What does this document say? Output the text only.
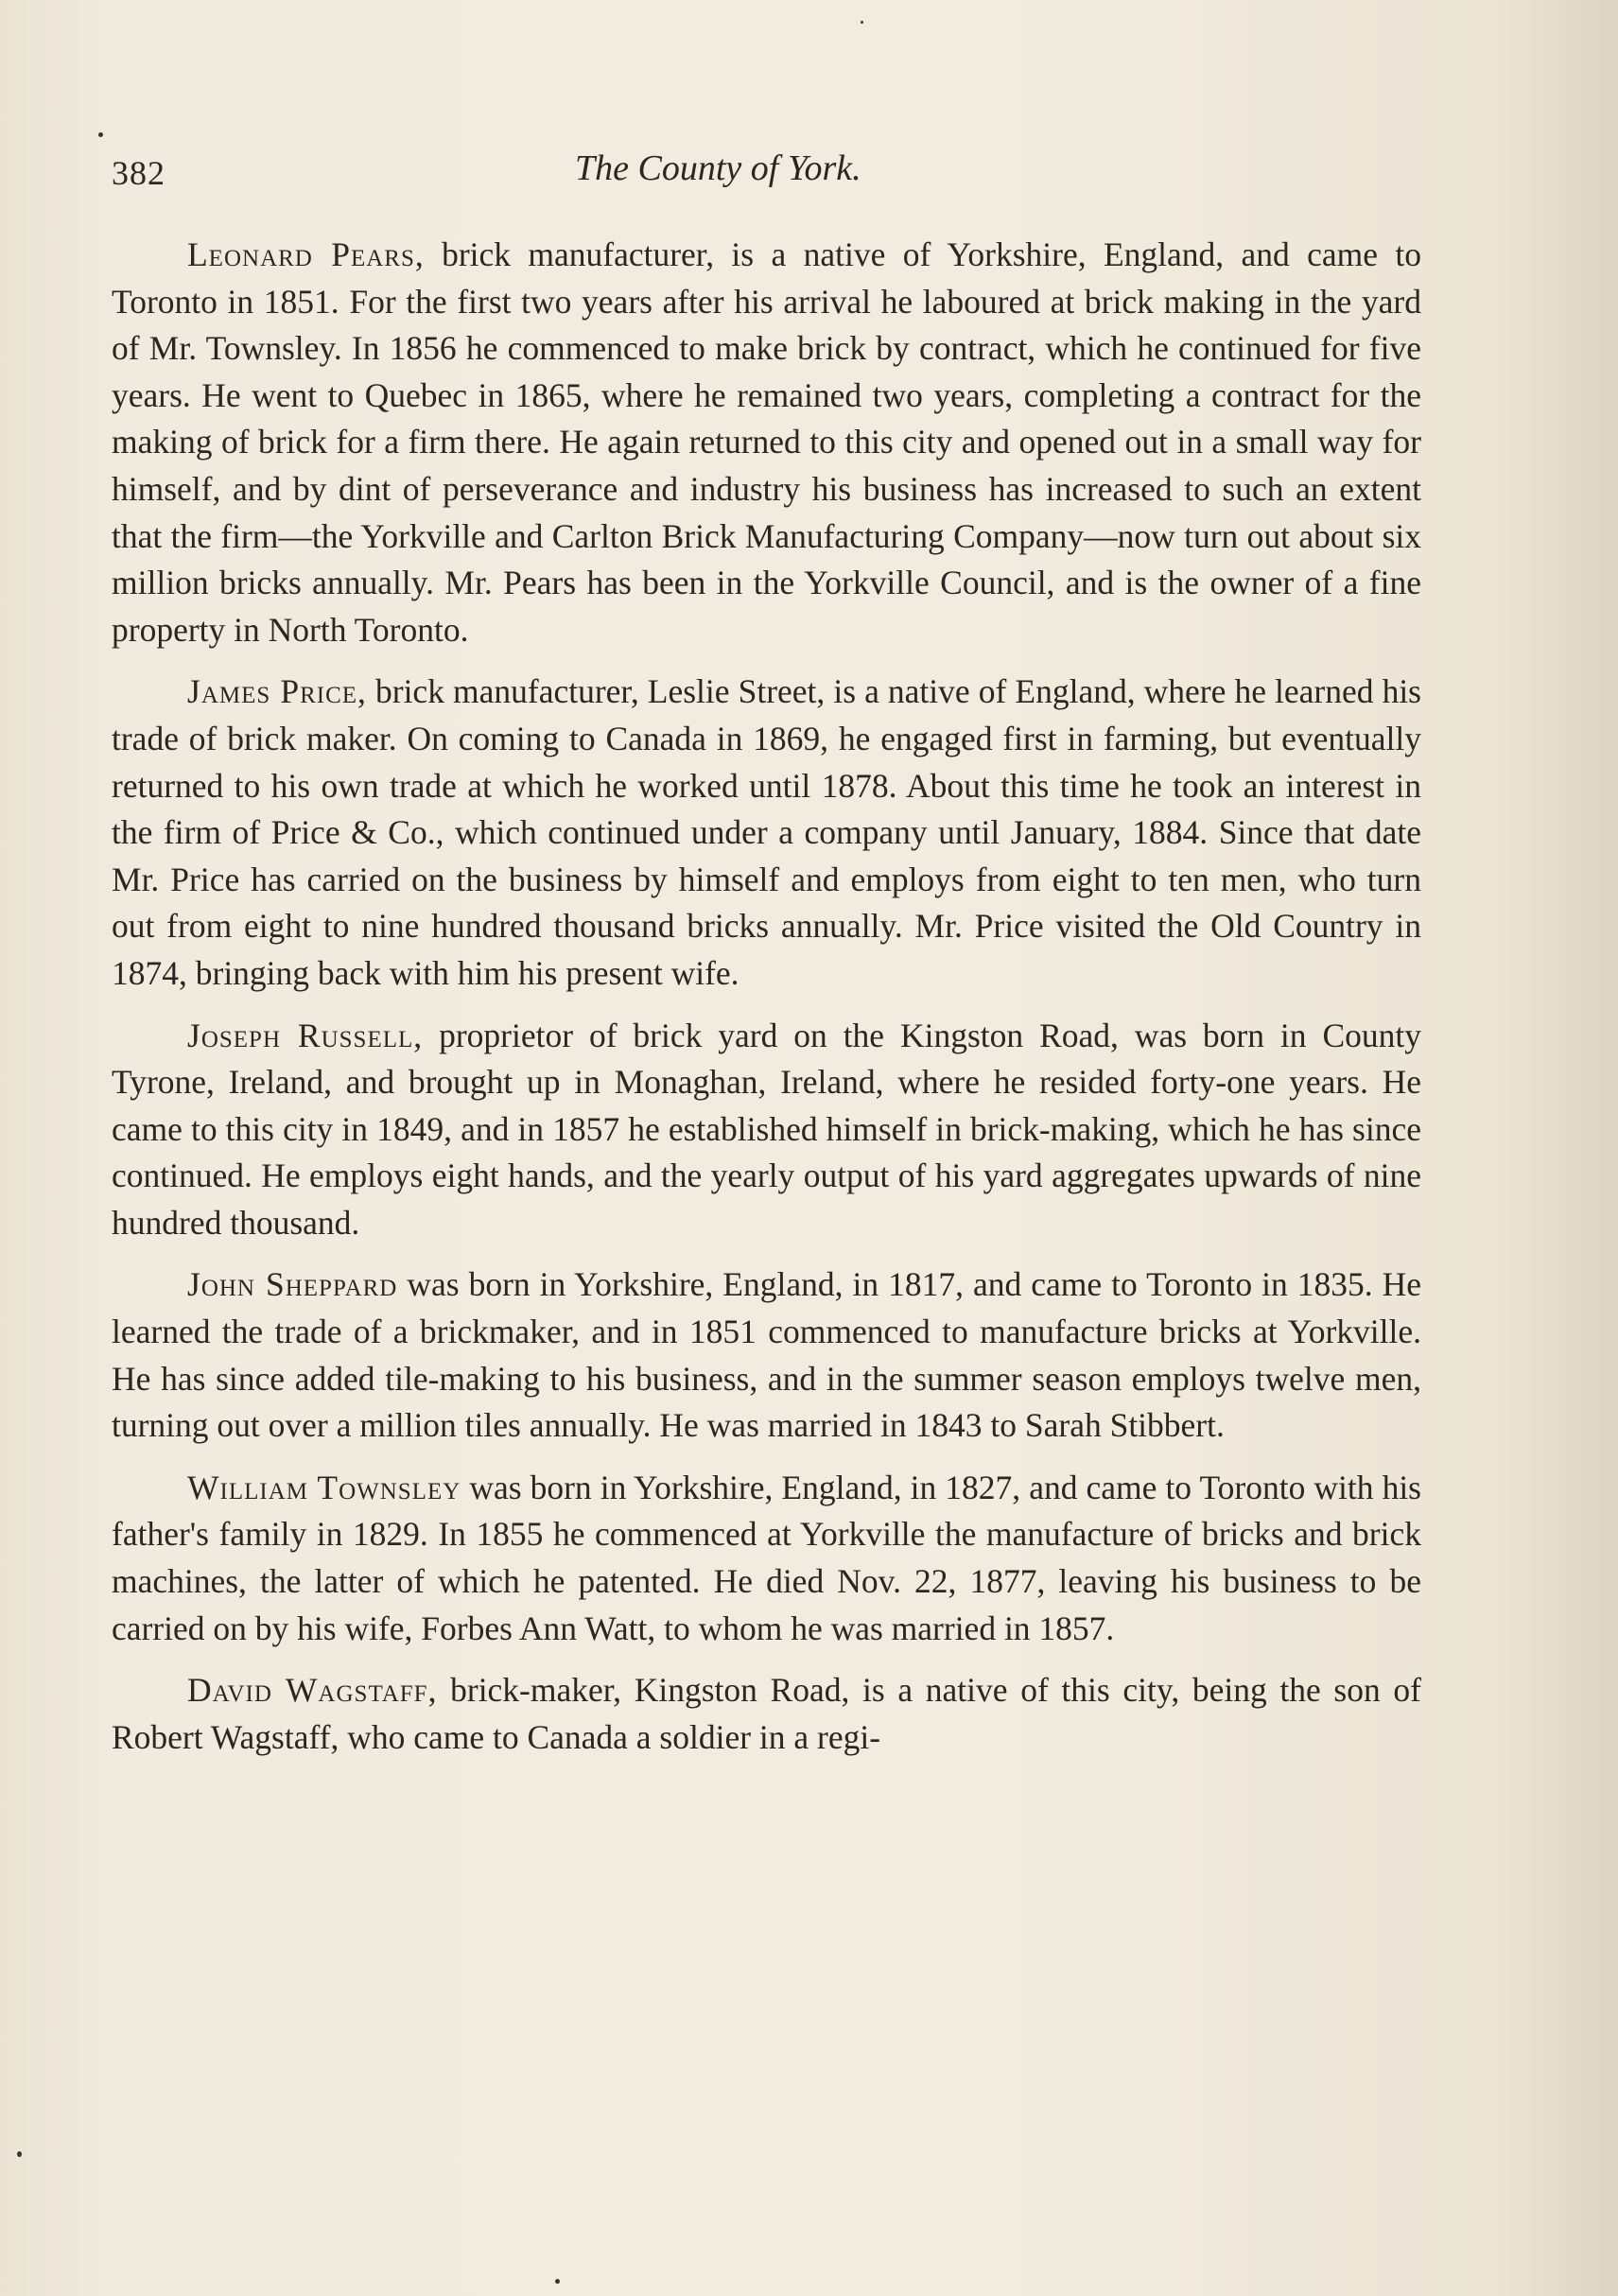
382	The County of York.

Leonard Pears, brick manufacturer, is a native of Yorkshire, England, and came to Toronto in 1851. For the first two years after his arrival he laboured at brick making in the yard of Mr. Townsley. In 1856 he commenced to make brick by contract, which he continued for five years. He went to Quebec in 1865, where he remained two years, completing a contract for the making of brick for a firm there. He again returned to this city and opened out in a small way for himself, and by dint of perseverance and industry his business has increased to such an extent that the firm—the Yorkville and Carlton Brick Manufacturing Company—now turn out about six million bricks annually. Mr. Pears has been in the Yorkville Council, and is the owner of a fine property in North Toronto.

James Price, brick manufacturer, Leslie Street, is a native of England, where he learned his trade of brick maker. On coming to Canada in 1869, he engaged first in farming, but eventually returned to his own trade at which he worked until 1878. About this time he took an interest in the firm of Price & Co., which continued under a company until January, 1884. Since that date Mr. Price has carried on the business by himself and employs from eight to ten men, who turn out from eight to nine hundred thousand bricks annually. Mr. Price visited the Old Country in 1874, bringing back with him his present wife.

Joseph Russell, proprietor of brick yard on the Kingston Road, was born in County Tyrone, Ireland, and brought up in Monaghan, Ireland, where he resided forty-one years. He came to this city in 1849, and in 1857 he established himself in brick-making, which he has since continued. He employs eight hands, and the yearly output of his yard aggregates upwards of nine hundred thousand.

John Sheppard was born in Yorkshire, England, in 1817, and came to Toronto in 1835. He learned the trade of a brickmaker, and in 1851 commenced to manufacture bricks at Yorkville. He has since added tile-making to his business, and in the summer season employs twelve men, turning out over a million tiles annually. He was married in 1843 to Sarah Stibbert.

William Townsley was born in Yorkshire, England, in 1827, and came to Toronto with his father's family in 1829. In 1855 he commenced at Yorkville the manufacture of bricks and brick machines, the latter of which he patented. He died Nov. 22, 1877, leaving his business to be carried on by his wife, Forbes Ann Watt, to whom he was married in 1857.

David Wagstaff, brick-maker, Kingston Road, is a native of this city, being the son of Robert Wagstaff, who came to Canada a soldier in a regi-
